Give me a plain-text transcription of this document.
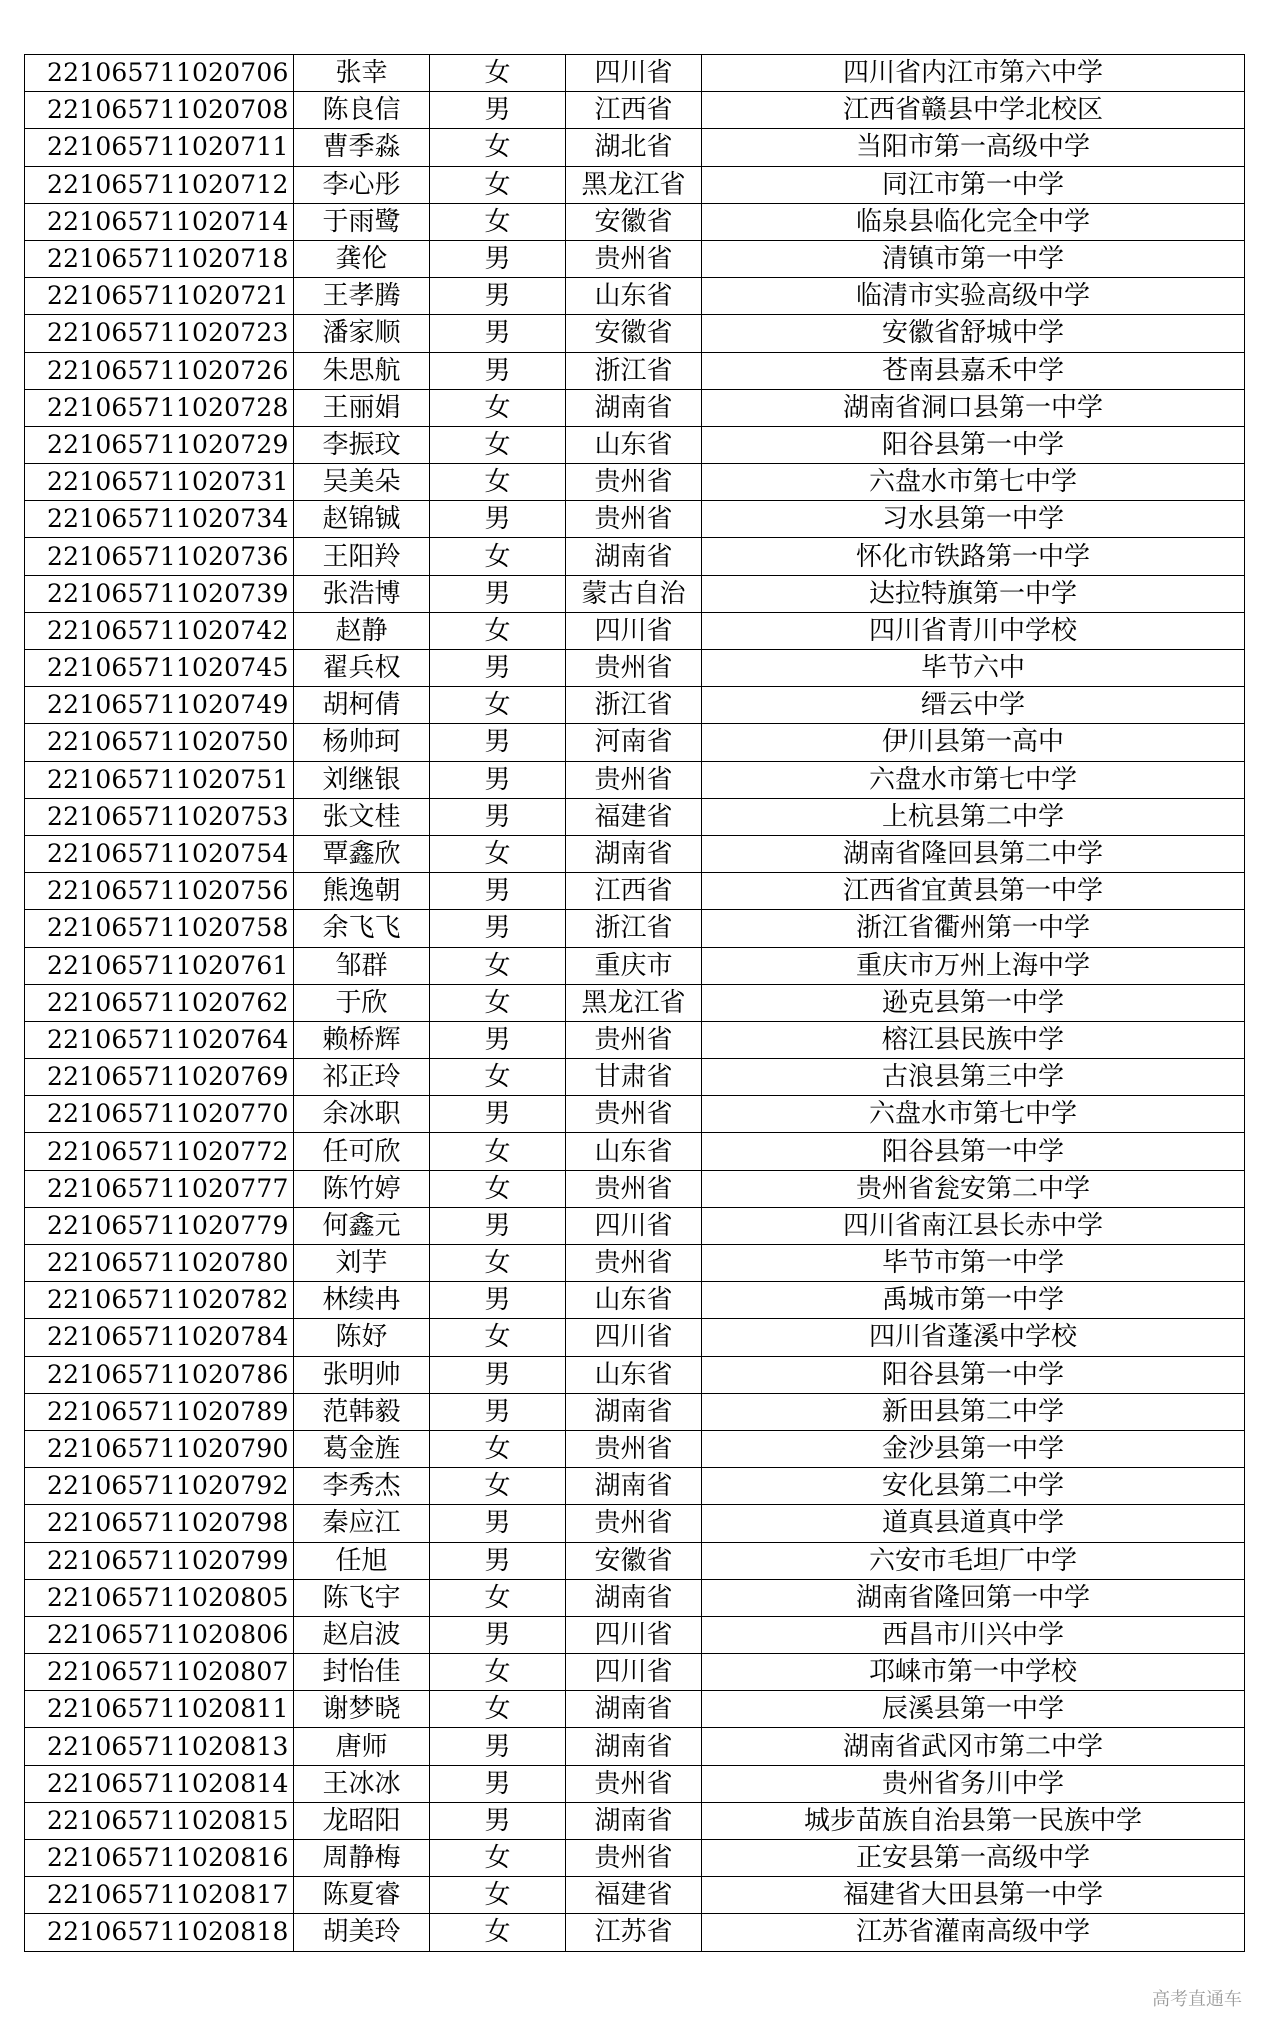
221065711020706	张幸	女	四川省	四川省内江市第六中学
221065711020708	陈良信	男	江西省	江西省赣县中学北校区
221065711020711	曹季淼	女	湖北省	当阳市第一高级中学
221065711020712	李心彤	女	黑龙江省	同江市第一中学
221065711020714	于雨鹭	女	安徽省	临泉县临化完全中学
221065711020718	龚伦	男	贵州省	清镇市第一中学
221065711020721	王孝腾	男	山东省	临清市实验高级中学
221065711020723	潘家顺	男	安徽省	安徽省舒城中学
221065711020726	朱思航	男	浙江省	苍南县嘉禾中学
221065711020728	王丽娟	女	湖南省	湖南省洞口县第一中学
221065711020729	李振玟	女	山东省	阳谷县第一中学
221065711020731	吴美朵	女	贵州省	六盘水市第七中学
221065711020734	赵锦铖	男	贵州省	习水县第一中学
221065711020736	王阳羚	女	湖南省	怀化市铁路第一中学
221065711020739	张浩博	男	蒙古自治	达拉特旗第一中学
221065711020742	赵静	女	四川省	四川省青川中学校
221065711020745	翟兵权	男	贵州省	毕节六中
221065711020749	胡柯倩	女	浙江省	缙云中学
221065711020750	杨帅珂	男	河南省	伊川县第一高中
221065711020751	刘继银	男	贵州省	六盘水市第七中学
221065711020753	张文桂	男	福建省	上杭县第二中学
221065711020754	覃鑫欣	女	湖南省	湖南省隆回县第二中学
221065711020756	熊逸朝	男	江西省	江西省宜黄县第一中学
221065711020758	余飞飞	男	浙江省	浙江省衢州第一中学
221065711020761	邹群	女	重庆市	重庆市万州上海中学
221065711020762	于欣	女	黑龙江省	逊克县第一中学
221065711020764	赖桥辉	男	贵州省	榕江县民族中学
221065711020769	祁正玲	女	甘肃省	古浪县第三中学
221065711020770	余冰职	男	贵州省	六盘水市第七中学
221065711020772	任可欣	女	山东省	阳谷县第一中学
221065711020777	陈竹婷	女	贵州省	贵州省瓮安第二中学
221065711020779	何鑫元	男	四川省	四川省南江县长赤中学
221065711020780	刘芋	女	贵州省	毕节市第一中学
221065711020782	林续冉	男	山东省	禹城市第一中学
221065711020784	陈妤	女	四川省	四川省蓬溪中学校
221065711020786	张明帅	男	山东省	阳谷县第一中学
221065711020789	范韩毅	男	湖南省	新田县第二中学
221065711020790	葛金旌	女	贵州省	金沙县第一中学
221065711020792	李秀杰	女	湖南省	安化县第二中学
221065711020798	秦应江	男	贵州省	道真县道真中学
221065711020799	任旭	男	安徽省	六安市毛坦厂中学
221065711020805	陈飞宇	女	湖南省	湖南省隆回第一中学
221065711020806	赵启波	男	四川省	西昌市川兴中学
221065711020807	封怡佳	女	四川省	邛崃市第一中学校
221065711020811	谢梦晓	女	湖南省	辰溪县第一中学
221065711020813	唐师	男	湖南省	湖南省武冈市第二中学
221065711020814	王冰冰	男	贵州省	贵州省务川中学
221065711020815	龙昭阳	男	湖南省	城步苗族自治县第一民族中学
221065711020816	周静梅	女	贵州省	正安县第一高级中学
221065711020817	陈夏睿	女	福建省	福建省大田县第一中学
221065711020818	胡美玲	女	江苏省	江苏省灌南高级中学
高考直通车
